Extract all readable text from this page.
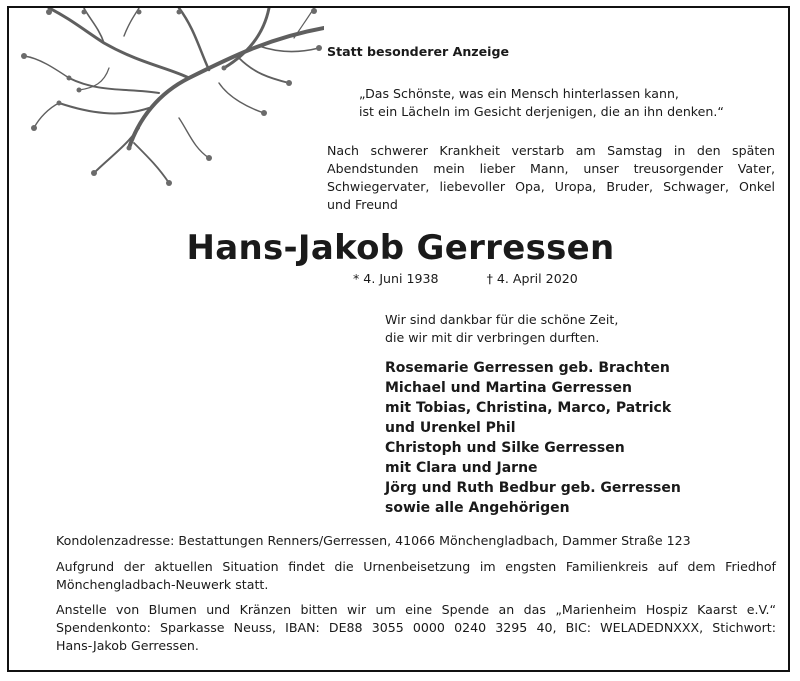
Statt besonderer Anzeige

„Das Schönste, was ein Mensch hinterlassen kann,
ist ein Lächeln im Gesicht derjenigen, die an ihn denken.“

Nach schwerer Krankheit verstarb am Samstag in den späten
Abendstunden mein lieber Mann, unser treusorgender Vater,
Schwiegervater, liebevoller Opa, Uropa, Bruder, Schwager, Onkel
und Freund

Hans-Jakob Gerressen

* 4. Juni 1938	† 4. April 2020

Wir sind dankbar für die schöne Zeit,
die wir mit dir verbringen durften.

Rosemarie Gerressen geb. Brachten
Michael und Martina Gerressen
mit Tobias, Christina, Marco, Patrick
und Urenkel Phil
Christoph und Silke Gerressen
mit Clara und Jarne
Jörg und Ruth Bedbur geb. Gerressen
sowie alle Angehörigen

Kondolenzadresse: Bestattungen Renners/Gerressen, 41066 Mönchengladbach, Dammer Straße 123

Aufgrund der aktuellen Situation findet die Urnenbeisetzung im engsten Familienkreis auf dem Friedhof
Mönchengladbach-Neuwerk statt.

Anstelle von Blumen und Kränzen bitten wir um eine Spende an das „Marienheim Hospiz Kaarst e.V.“
Spendenkonto: Sparkasse Neuss, IBAN: DE88 3055 0000 0240 3295 40, BIC: WELADEDNXXX, Stichwort:
Hans-Jakob Gerressen.
